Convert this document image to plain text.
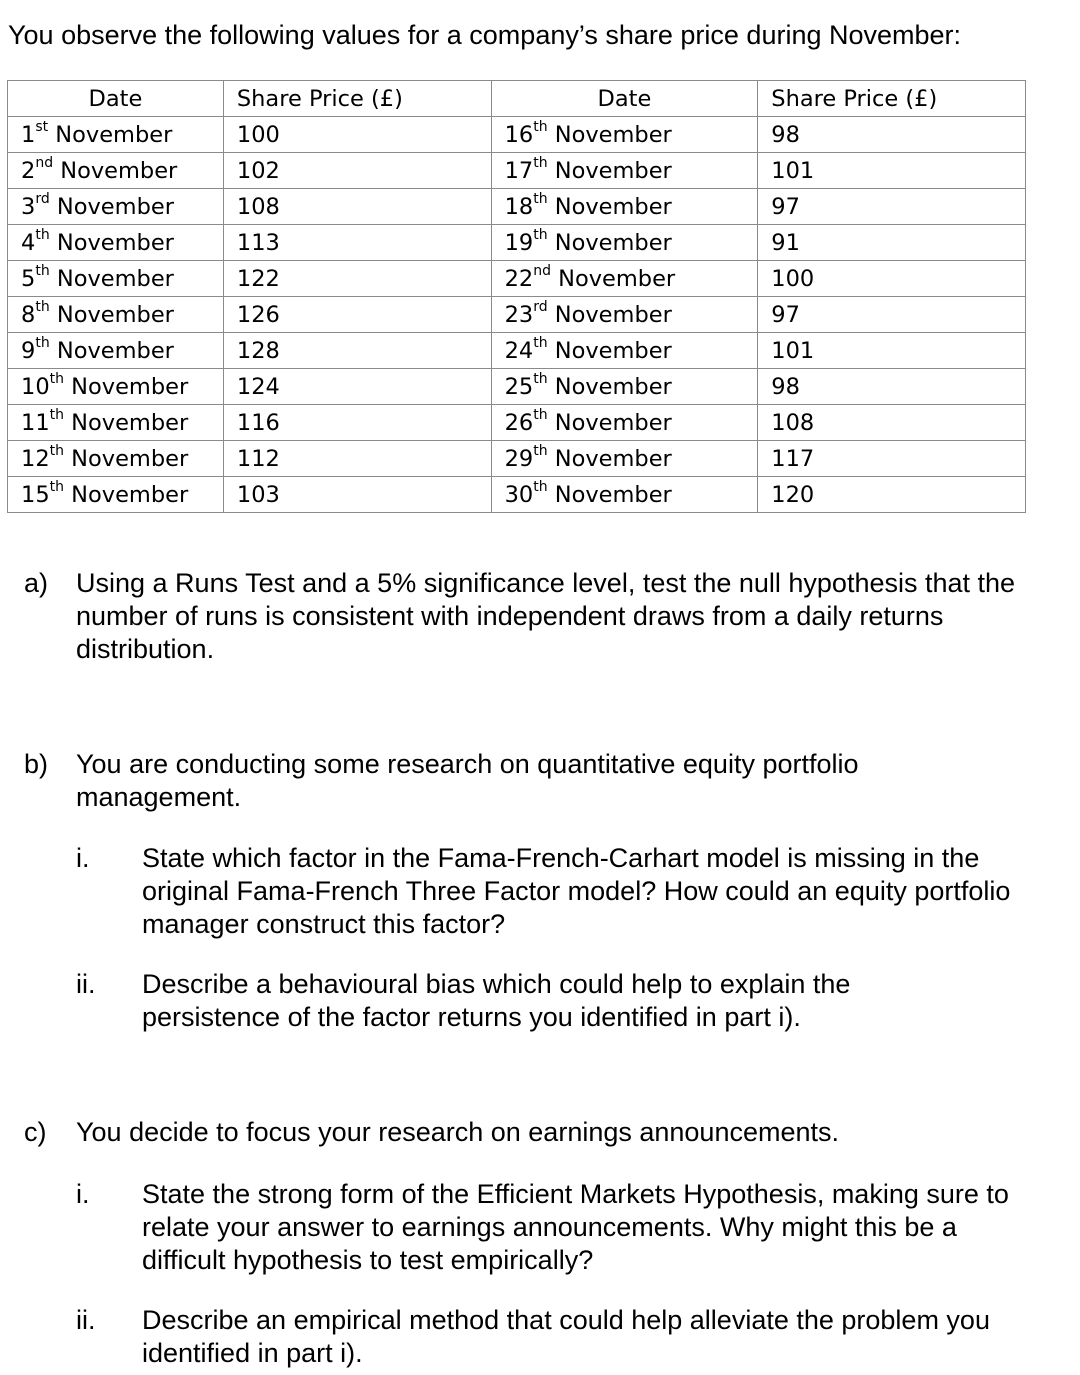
You observe the following values for a company’s share price during November:
Date	Share Price (£)	Date	Share Price (£)
1st November	100	16th November	98
2nd November	102	17th November	101
3rd November	108	18th November	97
4th November	113	19th November	91
5th November	122	22nd November	100
8th November	126	23rd November	97
9th November	128	24th November	101
10th November	124	25th November	98
11th November	116	26th November	108
12th November	112	29th November	117
15th November	103	30th November	120
a) Using a Runs Test and a 5% significance level, test the null hypothesis that the number of runs is consistent with independent draws from a daily returns distribution.
b) You are conducting some research on quantitative equity portfolio management.
i. State which factor in the Fama-French-Carhart model is missing in the original Fama-French Three Factor model? How could an equity portfolio manager construct this factor?
ii. Describe a behavioural bias which could help to explain the persistence of the factor returns you identified in part i).
c) You decide to focus your research on earnings announcements.
i. State the strong form of the Efficient Markets Hypothesis, making sure to relate your answer to earnings announcements. Why might this be a difficult hypothesis to test empirically?
ii. Describe an empirical method that could help alleviate the problem you identified in part i).
